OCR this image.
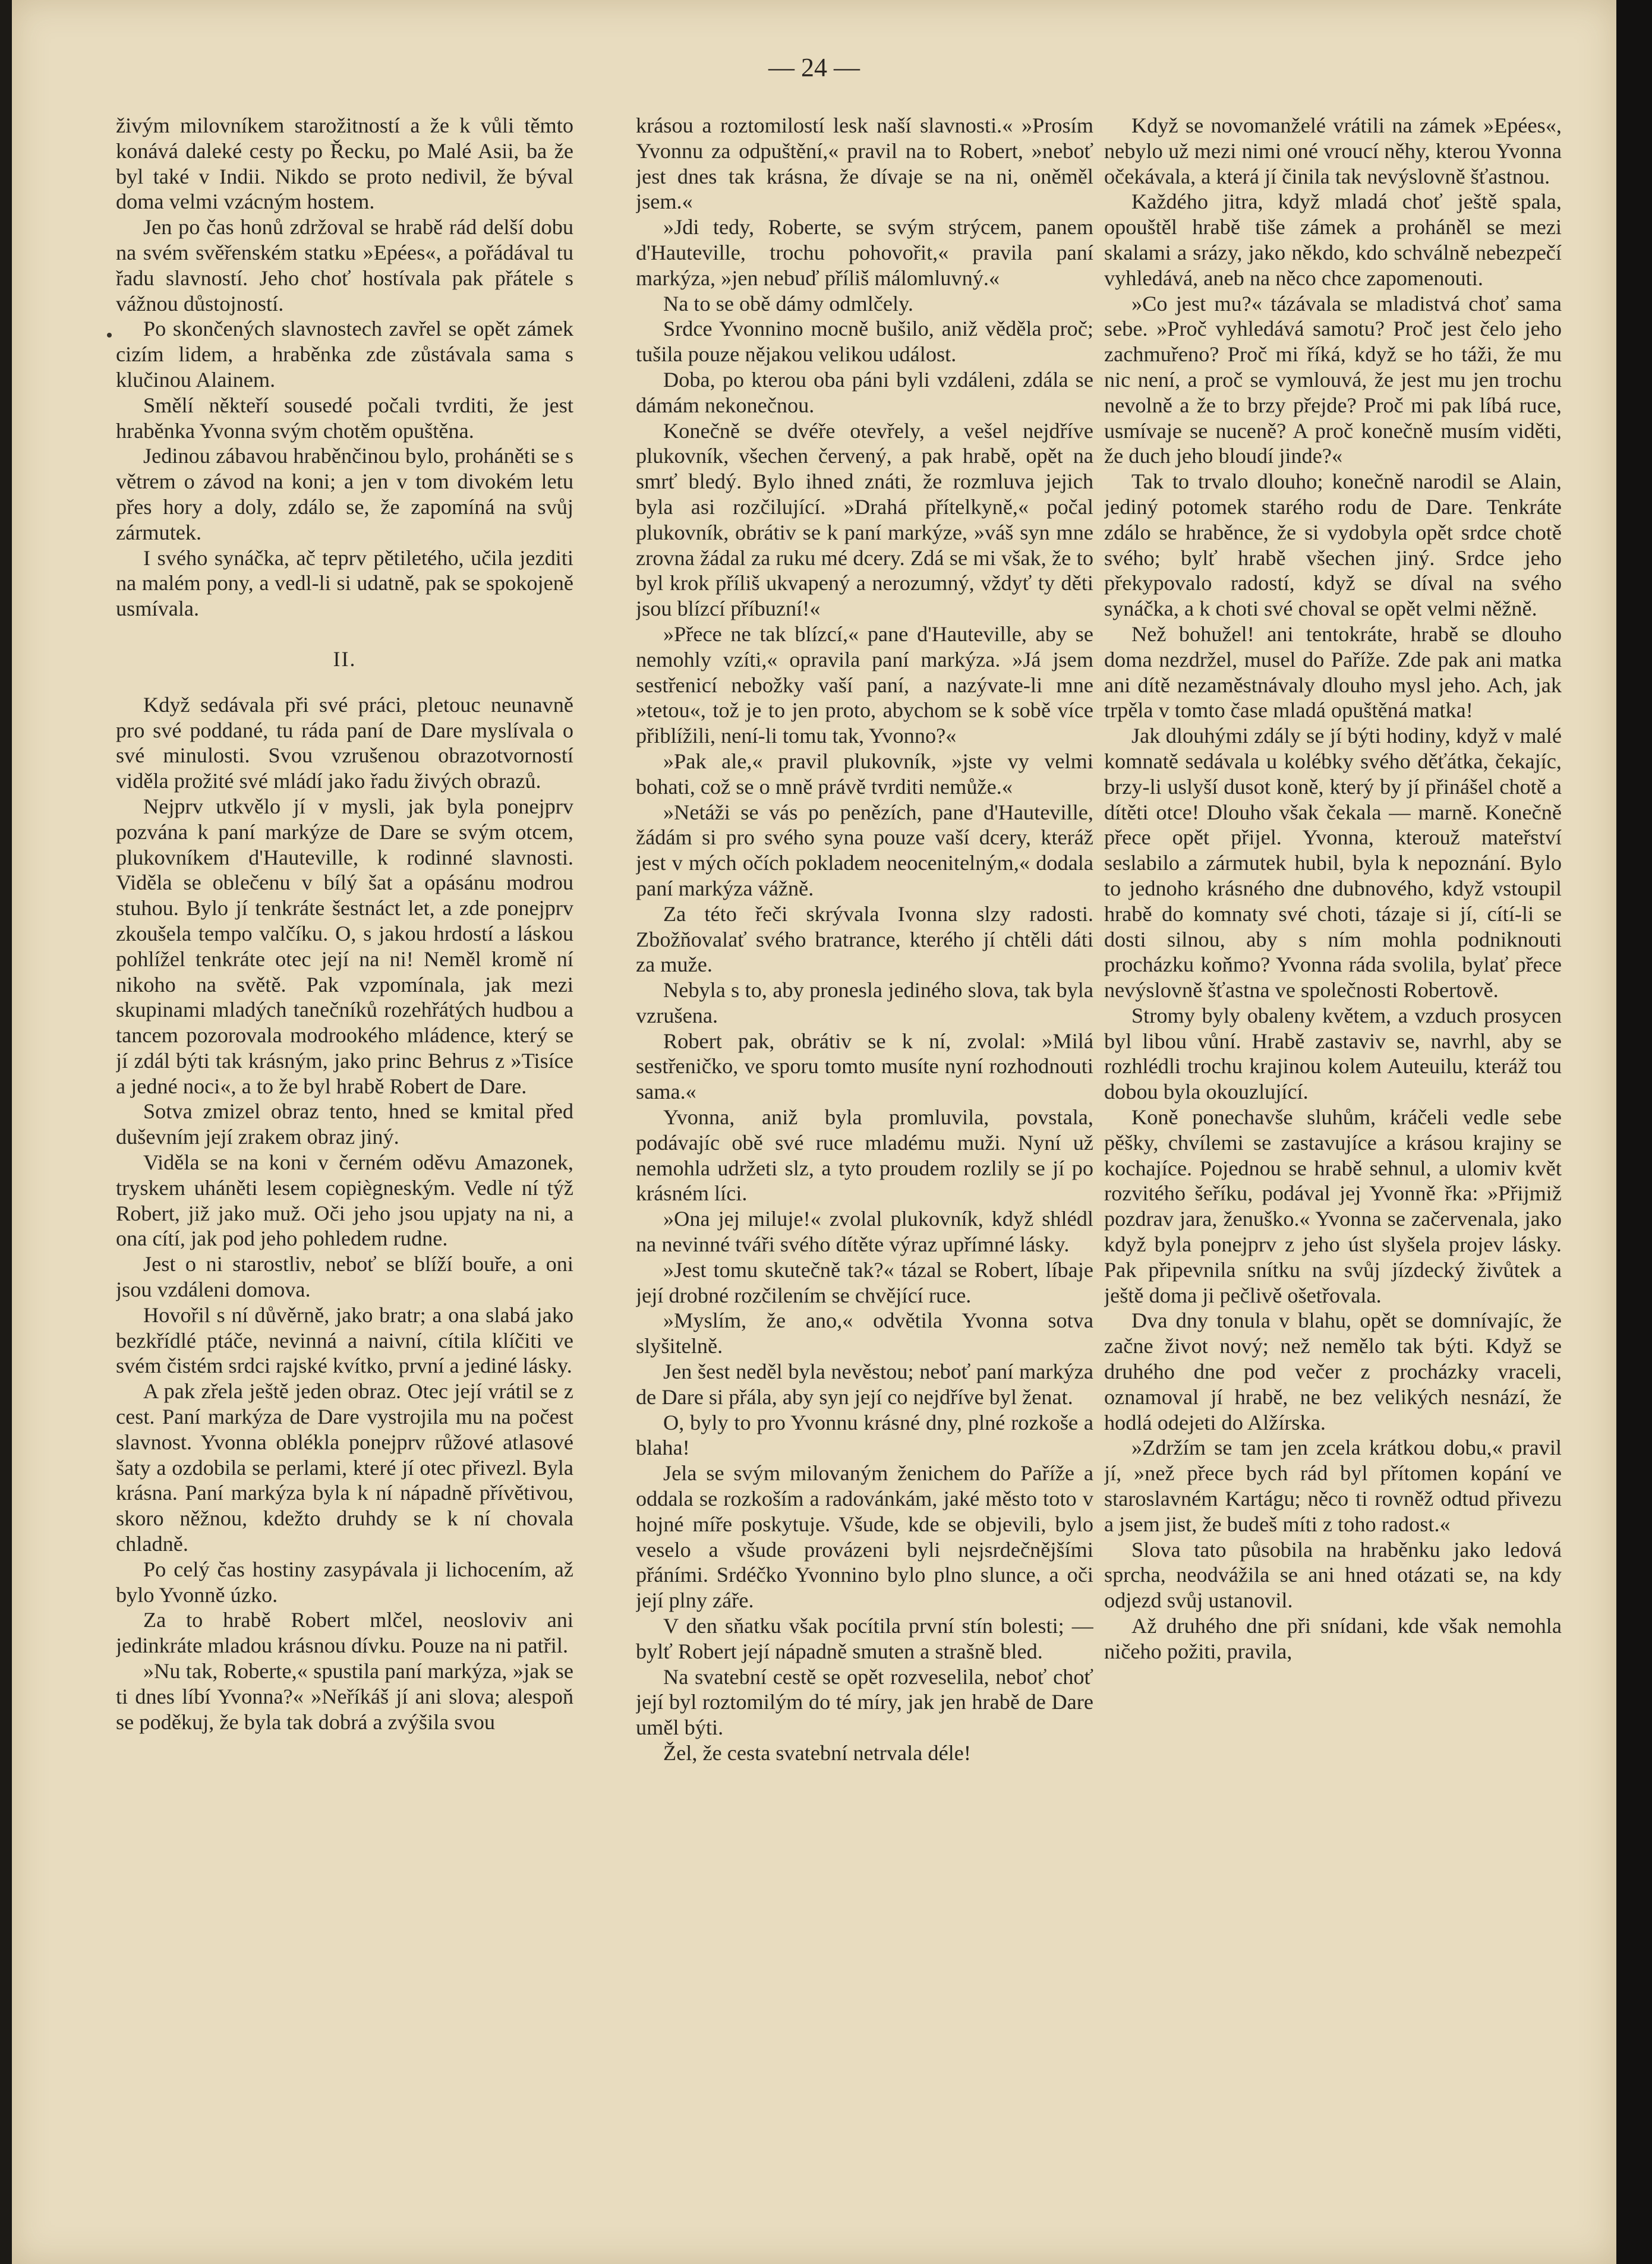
— 24 —

živým milovníkem starožitností a že k vůli těmto konává daleké cesty po Řecku, po Malé Asii, ba že byl také v Indii. Nikdo se proto nedivil, že býval doma velmi vzácným hostem.

Jen po čas honů zdržoval se hrabě rád delší dobu na svém svěřenském statku »Epées«, a pořádával tu řadu slavností. Jeho choť hostívala pak přátele s vážnou důstojností.

Po skončených slavnostech zavřel se opět zámek cizím lidem, a hraběnka zde zůstávala sama s klučinou Alainem.

Smělí někteří sousedé počali tvrditi, že jest hraběnka Yvonna svým chotěm opuštěna.

Jedinou zábavou hraběnčinou bylo, proháněti se s větrem o závod na koni; a jen v tom divokém letu přes hory a doly, zdálo se, že zapomíná na svůj zármutek.

I svého synáčka, ač teprv pětiletého, učila jezditi na malém pony, a vedl-li si udatně, pak se spokojeně usmívala.

II.

Když sedávala při své práci, pletouc neunavně pro své poddané, tu ráda paní de Dare myslívala o své minulosti. Svou vzrušenou obrazotvorností viděla prožité své mládí jako řadu živých obrazů.

Nejprv utkvělo jí v mysli, jak byla ponejprv pozvána k paní markýze de Dare se svým otcem, plukovníkem d'Hauteville, k rodinné slavnosti. Viděla se oblečenu v bílý šat a opásánu modrou stuhou. Bylo jí tenkráte šestnáct let, a zde ponejprv zkoušela tempo valčíku. O, s jakou hrdostí a láskou pohlížel tenkráte otec její na ni! Neměl kromě ní nikoho na světě. Pak vzpomínala, jak mezi skupinami mladých tanečníků rozehřátých hudbou a tancem pozorovala modrookého mládence, který se jí zdál býti tak krásným, jako princ Behrus z »Tisíce a jedné noci«, a to že byl hrabě Robert de Dare.

Sotva zmizel obraz tento, hned se kmital před duševním její zrakem obraz jiný.

Viděla se na koni v černém oděvu Amazonek, tryskem uháněti lesem copiègneským. Vedle ní týž Robert, již jako muž. Oči jeho jsou upjaty na ni, a ona cítí, jak pod jeho pohledem rudne.

Jest o ni starostliv, neboť se blíží bouře, a oni jsou vzdáleni domova.

Hovořil s ní důvěrně, jako bratr; a ona slabá jako bezkřídlé ptáče, nevinná a naivní, cítila klíčiti ve svém čistém srdci rajské kvítko, první a jediné lásky.

A pak zřela ještě jeden obraz. Otec její vrátil se z cest. Paní markýza de Dare vystrojila mu na počest slavnost. Yvonna oblékla ponejprv růžové atlasové šaty a ozdobila se perlami, které jí otec přivezl. Byla krásna. Paní markýza byla k ní nápadně přívětivou, skoro něžnou, kdežto druhdy se k ní chovala chladně.

Po celý čas hostiny zasypávala ji lichocením, až bylo Yvonně úzko.

Za to hrabě Robert mlčel, neosloviv ani jedinkráte mladou krásnou dívku. Pouze na ni patřil.

»Nu tak, Roberte,« spustila paní markýza, »jak se ti dnes líbí Yvonna?« »Neříkáš jí ani slova; alespoň se poděkuj, že byla tak dobrá a zvýšila svou

krásou a roztomilostí lesk naší slavnosti.« »Prosím Yvonnu za odpuštění,« pravil na to Robert, »neboť jest dnes tak krásna, že dívaje se na ni, oněměl jsem.«

»Jdi tedy, Roberte, se svým strýcem, panem d'Hauteville, trochu pohovořit,« pravila paní markýza, »jen nebuď příliš málomluvný.«

Na to se obě dámy odmlčely.

Srdce Yvonnino mocně bušilo, aniž věděla proč; tušila pouze nějakou velikou událost.

Doba, po kterou oba páni byli vzdáleni, zdála se dámám nekonečnou.

Konečně se dvéře otevřely, a vešel nejdříve plukovník, všechen červený, a pak hrabě, opět na smrť bledý. Bylo ihned znáti, že rozmluva jejich byla asi rozčilující. »Drahá přítelkyně,« počal plukovník, obrátiv se k paní markýze, »váš syn mne zrovna žádal za ruku mé dcery. Zdá se mi však, že to byl krok příliš ukvapený a nerozumný, vždyť ty děti jsou blízcí příbuzní!«

»Přece ne tak blízcí,« pane d'Hauteville, aby se nemohly vzíti,« opravila paní markýza. »Já jsem sestřenicí nebožky vaší paní, a nazývate-li mne »tetou«, tož je to jen proto, abychom se k sobě více přiblížili, není-li tomu tak, Yvonno?«

»Pak ale,« pravil plukovník, »jste vy velmi bohati, což se o mně právě tvrditi nemůže.«

»Netáži se vás po penězích, pane d'Hauteville, žádám si pro svého syna pouze vaší dcery, kteráž jest v mých očích pokladem neocenitelným,« dodala paní markýza vážně.

Za této řeči skrývala Ivonna slzy radosti. Zbožňovalať svého bratrance, kterého jí chtěli dáti za muže.

Nebyla s to, aby pronesla jediného slova, tak byla vzrušena.

Robert pak, obrátiv se k ní, zvolal: »Milá sestřeničko, ve sporu tomto musíte nyní rozhodnouti sama.«

Yvonna, aniž byla promluvila, povstala, podávajíc obě své ruce mladému muži. Nyní už nemohla udržeti slz, a tyto proudem rozlily se jí po krásném líci.

»Ona jej miluje!« zvolal plukovník, když shlédl na nevinné tváři svého dítěte výraz upřímné lásky.

»Jest tomu skutečně tak?« tázal se Robert, líbaje její drobné rozčilením se chvějící ruce.

»Myslím, že ano,« odvětila Yvonna sotva slyšitelně.

Jen šest neděl byla nevěstou; neboť paní markýza de Dare si přála, aby syn její co nejdříve byl ženat.

O, byly to pro Yvonnu krásné dny, plné rozkoše a blaha!

Jela se svým milovaným ženichem do Paříže a oddala se rozkoším a radovánkám, jaké město toto v hojné míře poskytuje. Všude, kde se objevili, bylo veselo a všude provázeni byli nejsrdečnějšími přáními. Srdéčko Yvonnino bylo plno slunce, a oči její plny záře.

V den sňatku však pocítila první stín bolesti; — bylť Robert její nápadně smuten a strašně bled.

Na svatební cestě se opět rozveselila, neboť choť její byl roztomilým do té míry, jak jen hrabě de Dare uměl býti.

Žel, že cesta svatební netrvala déle!

Když se novomanželé vrátili na zámek »Epées«, nebylo už mezi nimi oné vroucí něhy, kterou Yvonna očekávala, a která jí činila tak nevýslovně šťastnou.

Každého jitra, když mladá choť ještě spala, opouštěl hrabě tiše zámek a proháněl se mezi skalami a srázy, jako někdo, kdo schválně nebezpečí vyhledává, aneb na něco chce zapomenouti.

»Co jest mu?« tázávala se mladistvá choť sama sebe. »Proč vyhledává samotu? Proč jest čelo jeho zachmuřeno? Proč mi říká, když se ho táži, že mu nic není, a proč se vymlouvá, že jest mu jen trochu nevolně a že to brzy přejde? Proč mi pak líbá ruce, usmívaje se nuceně? A proč konečně musím viděti, že duch jeho bloudí jinde?«

Tak to trvalo dlouho; konečně narodil se Alain, jediný potomek starého rodu de Dare. Tenkráte zdálo se hraběnce, že si vydobyla opět srdce chotě svého; bylť hrabě všechen jiný. Srdce jeho překypovalo radostí, když se díval na svého synáčka, a k choti své choval se opět velmi něžně.

Než bohužel! ani tentokráte, hrabě se dlouho doma nezdržel, musel do Paříže. Zde pak ani matka ani dítě nezaměstnávaly dlouho mysl jeho. Ach, jak trpěla v tomto čase mladá opuštěná matka!

Jak dlouhými zdály se jí býti hodiny, když v malé komnatě sedávala u kolébky svého děťátka, čekajíc, brzy-li uslyší dusot koně, který by jí přinášel chotě a dítěti otce! Dlouho však čekala — marně. Konečně přece opět přijel. Yvonna, kterouž mateřství seslabilo a zármutek hubil, byla k nepoznání. Bylo to jednoho krásného dne dubnového, když vstoupil hrabě do komnaty své choti, tázaje si jí, cítí-li se dosti silnou, aby s ním mohla podniknouti procházku koňmo? Yvonna ráda svolila, bylať přece nevýslovně šťastna ve společnosti Robertově.

Stromy byly obaleny květem, a vzduch prosycen byl libou vůní. Hrabě zastaviv se, navrhl, aby se rozhlédli trochu krajinou kolem Auteuilu, kteráž tou dobou byla okouzlující.

Koně ponechavše sluhům, kráčeli vedle sebe pěšky, chvílemi se zastavujíce a krásou krajiny se kochajíce. Pojednou se hrabě sehnul, a ulomiv květ rozvitého šeříku, podával jej Yvonně řka: »Přijmiž pozdrav jara, ženuško.« Yvonna se začervenala, jako když byla ponejprv z jeho úst slyšela projev lásky. Pak připevnila snítku na svůj jízdecký živůtek a ještě doma ji pečlivě ošetřovala.

Dva dny tonula v blahu, opět se domnívajíc, že začne život nový; než nemělo tak býti. Když se druhého dne pod večer z procházky vraceli, oznamoval jí hrabě, ne bez velikých nesnází, že hodlá odejeti do Alžírska.

»Zdržím se tam jen zcela krátkou dobu,« pravil jí, »než přece bych rád byl přítomen kopání ve staroslavném Kartágu; něco ti rovněž odtud přivezu a jsem jist, že budeš míti z toho radost.«

Slova tato působila na hraběnku jako ledová sprcha, neodvážila se ani hned otázati se, na kdy odjezd svůj ustanovil.

Až druhého dne při snídani, kde však nemohla ničeho požiti, pravila,
